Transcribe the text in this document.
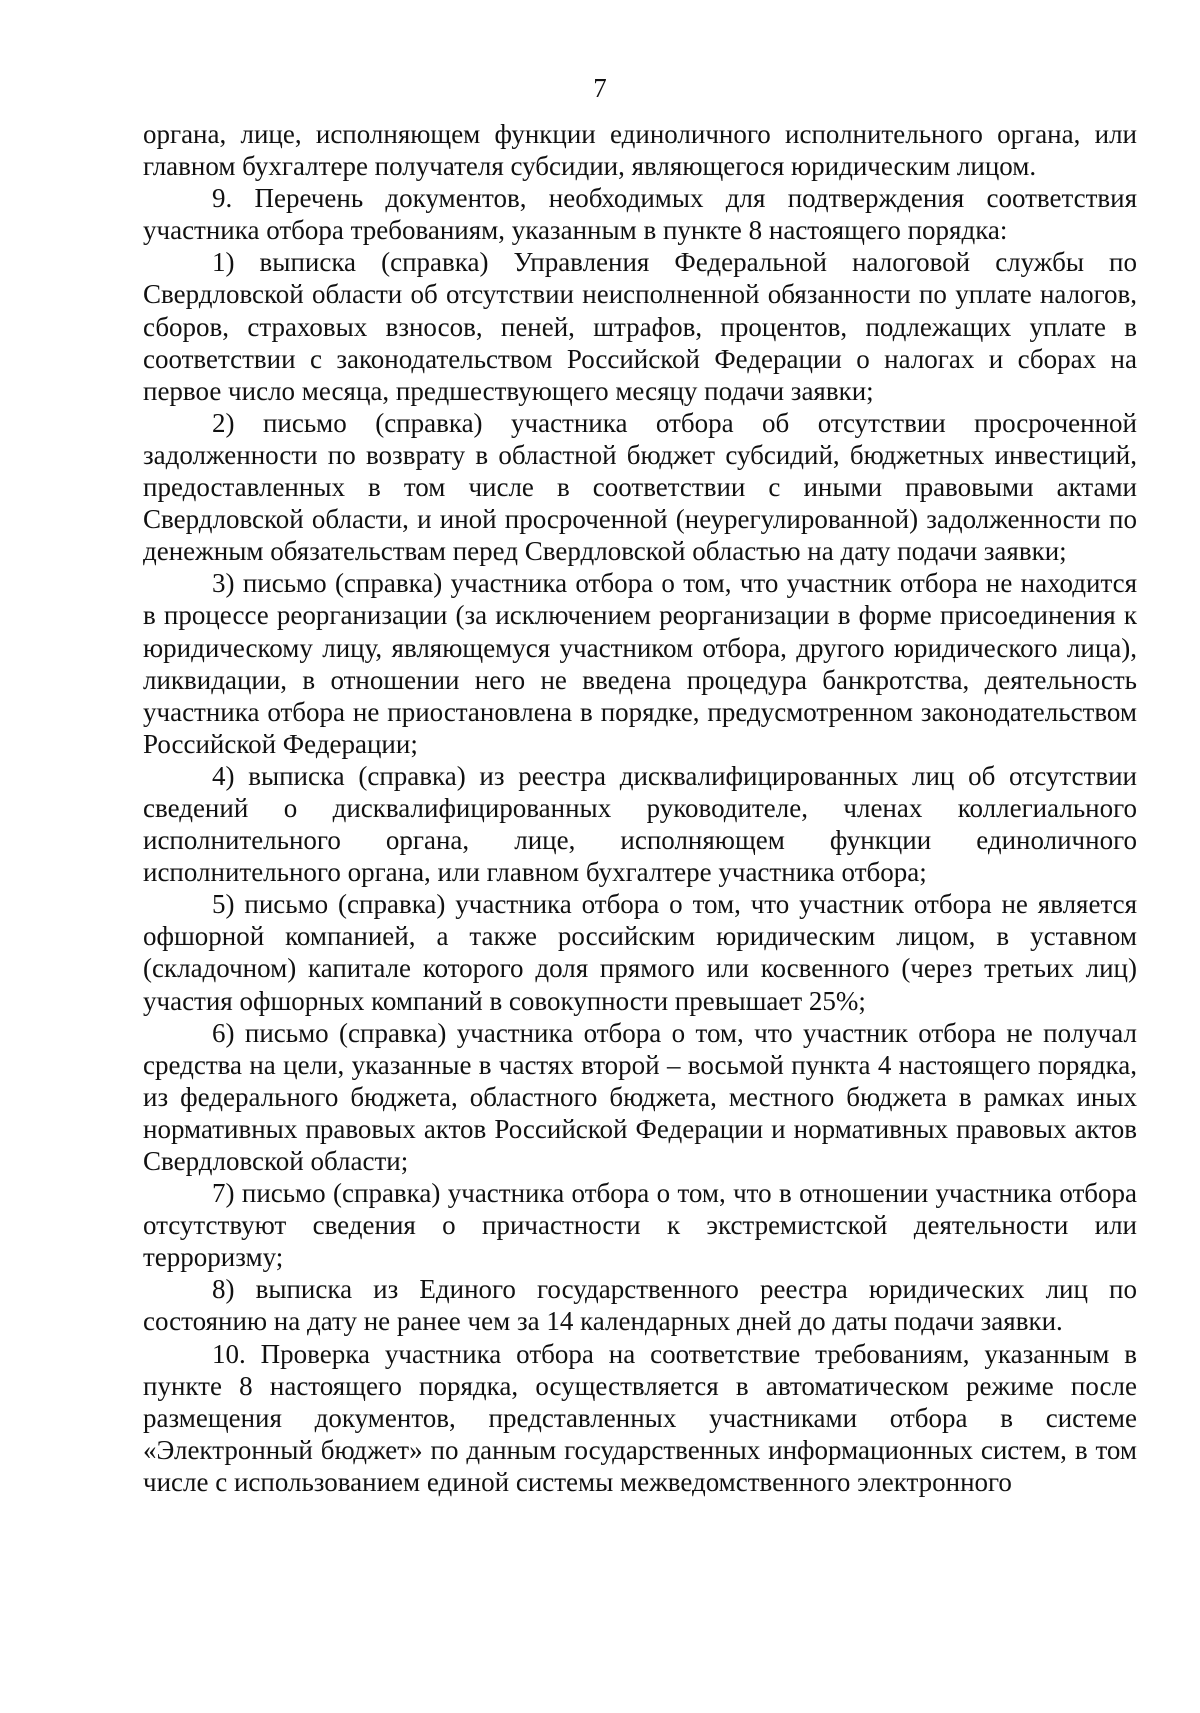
7

органа, лице, исполняющем функции единоличного исполнительного органа, или главном бухгалтере получателя субсидии, являющегося юридическим лицом.

9. Перечень документов, необходимых для подтверждения соответствия участника отбора требованиям, указанным в пункте 8 настоящего порядка:

1) выписка (справка) Управления Федеральной налоговой службы по Свердловской области об отсутствии неисполненной обязанности по уплате налогов, сборов, страховых взносов, пеней, штрафов, процентов, подлежащих уплате в соответствии с законодательством Российской Федерации о налогах и сборах на первое число месяца, предшествующего месяцу подачи заявки;

2) письмо (справка) участника отбора об отсутствии просроченной задолженности по возврату в областной бюджет субсидий, бюджетных инвестиций, предоставленных в том числе в соответствии с иными правовыми актами Свердловской области, и иной просроченной (неурегулированной) задолженности по денежным обязательствам перед Свердловской областью на дату подачи заявки;

3) письмо (справка) участника отбора о том, что участник отбора не находится в процессе реорганизации (за исключением реорганизации в форме присоединения к юридическому лицу, являющемуся участником отбора, другого юридического лица), ликвидации, в отношении него не введена процедура банкротства, деятельность участника отбора не приостановлена в порядке, предусмотренном законодательством Российской Федерации;

4) выписка (справка) из реестра дисквалифицированных лиц об отсутствии сведений о дисквалифицированных руководителе, членах коллегиального исполнительного органа, лице, исполняющем функции единоличного исполнительного органа, или главном бухгалтере участника отбора;

5) письмо (справка) участника отбора о том, что участник отбора не является офшорной компанией, а также российским юридическим лицом, в уставном (складочном) капитале которого доля прямого или косвенного (через третьих лиц) участия офшорных компаний в совокупности превышает 25%;

6) письмо (справка) участника отбора о том, что участник отбора не получал средства на цели, указанные в частях второй – восьмой пункта 4 настоящего порядка, из федерального бюджета, областного бюджета, местного бюджета в рамках иных нормативных правовых актов Российской Федерации и нормативных правовых актов Свердловской области;

7) письмо (справка) участника отбора о том, что в отношении участника отбора отсутствуют сведения о причастности к экстремистской деятельности или терроризму;

8) выписка из Единого государственного реестра юридических лиц по состоянию на дату не ранее чем за 14 календарных дней до даты подачи заявки.

10. Проверка участника отбора на соответствие требованиям, указанным в пункте 8 настоящего порядка, осуществляется в автоматическом режиме после размещения документов, представленных участниками отбора в системе «Электронный бюджет» по данным государственных информационных систем, в том числе с использованием единой системы межведомственного электронного
